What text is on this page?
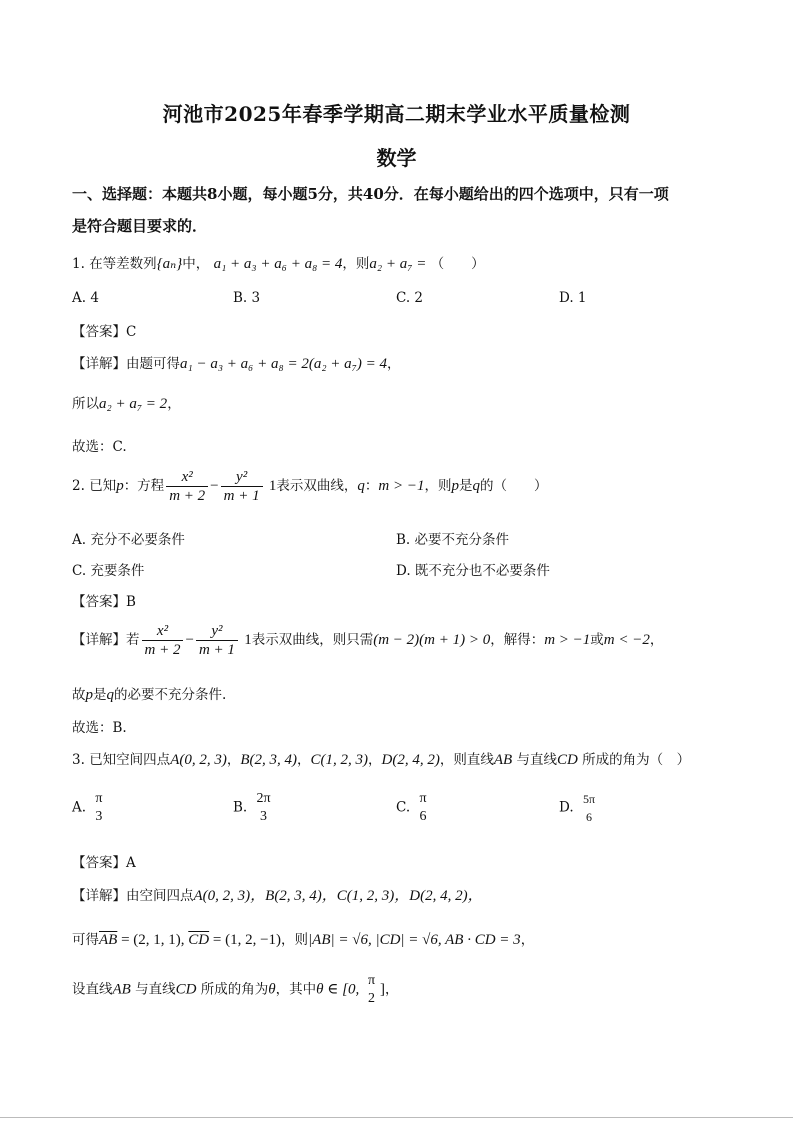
河池市2025年春季学期高二期末学业水平质量检测
数学
一、选择题：本题共8小题，每小题5分，共40分．在每小题给出的四个选项中，只有一项
是符合题目要求的．
1. 在等差数列{aₙ}中， a₁ + a₃ + a₆ + a₈ = 4，则a₂ + a₇ = （　　）
A. 4	B. 3	C. 2	D. 1
【答案】C
【详解】由题可得a₁ − a₃ + a₆ + a₈ = 2(a₂ + a₇) = 4，
所以a₂ + a₇ = 2，
故选：C.
2. 已知p：方程 $\frac{\text{x²}}{m + 2} - \frac{\text{y²}}{m + 1} 1$表示双曲线，q：m > −1，则p是q的（　　）
A. 充分不必要条件	B. 必要不充分条件
C. 充要条件	D. 既不充分也不必要条件
【答案】B
【详解】若 $\frac{\text{x²}}{m + 2} - \frac{\text{y²}}{m + 1} 1$表示双曲线，则只需(m − 2)(m + 1) > 0，解得：m > −1或m < −2，
故p是q的必要不充分条件.
故选：B.
3. 已知空间四点A(0, 2, 3)，B(2, 3, 4)，C(1, 2, 3)，D(2, 4, 2)，则直线AB 与直线CD 所成的角为（　）
A.
π
3
B.
2π
3
C.
π
6
D.
5π
6
【答案】A
【详解】由空间四点A(0, 2, 3)，B(2, 3, 4)，C(1, 2, 3)，D(2, 4, 2)，
可得$\overline{AB} = (2$, 1, 1), $\overline{CD} = (1$, 2, −1)，则|AB| = √6, |CD| = √6, AB · CD = 3，
设直线AB 与直线CD 所成的角为θ，其中θ ∈ [0,
π
2
]，
